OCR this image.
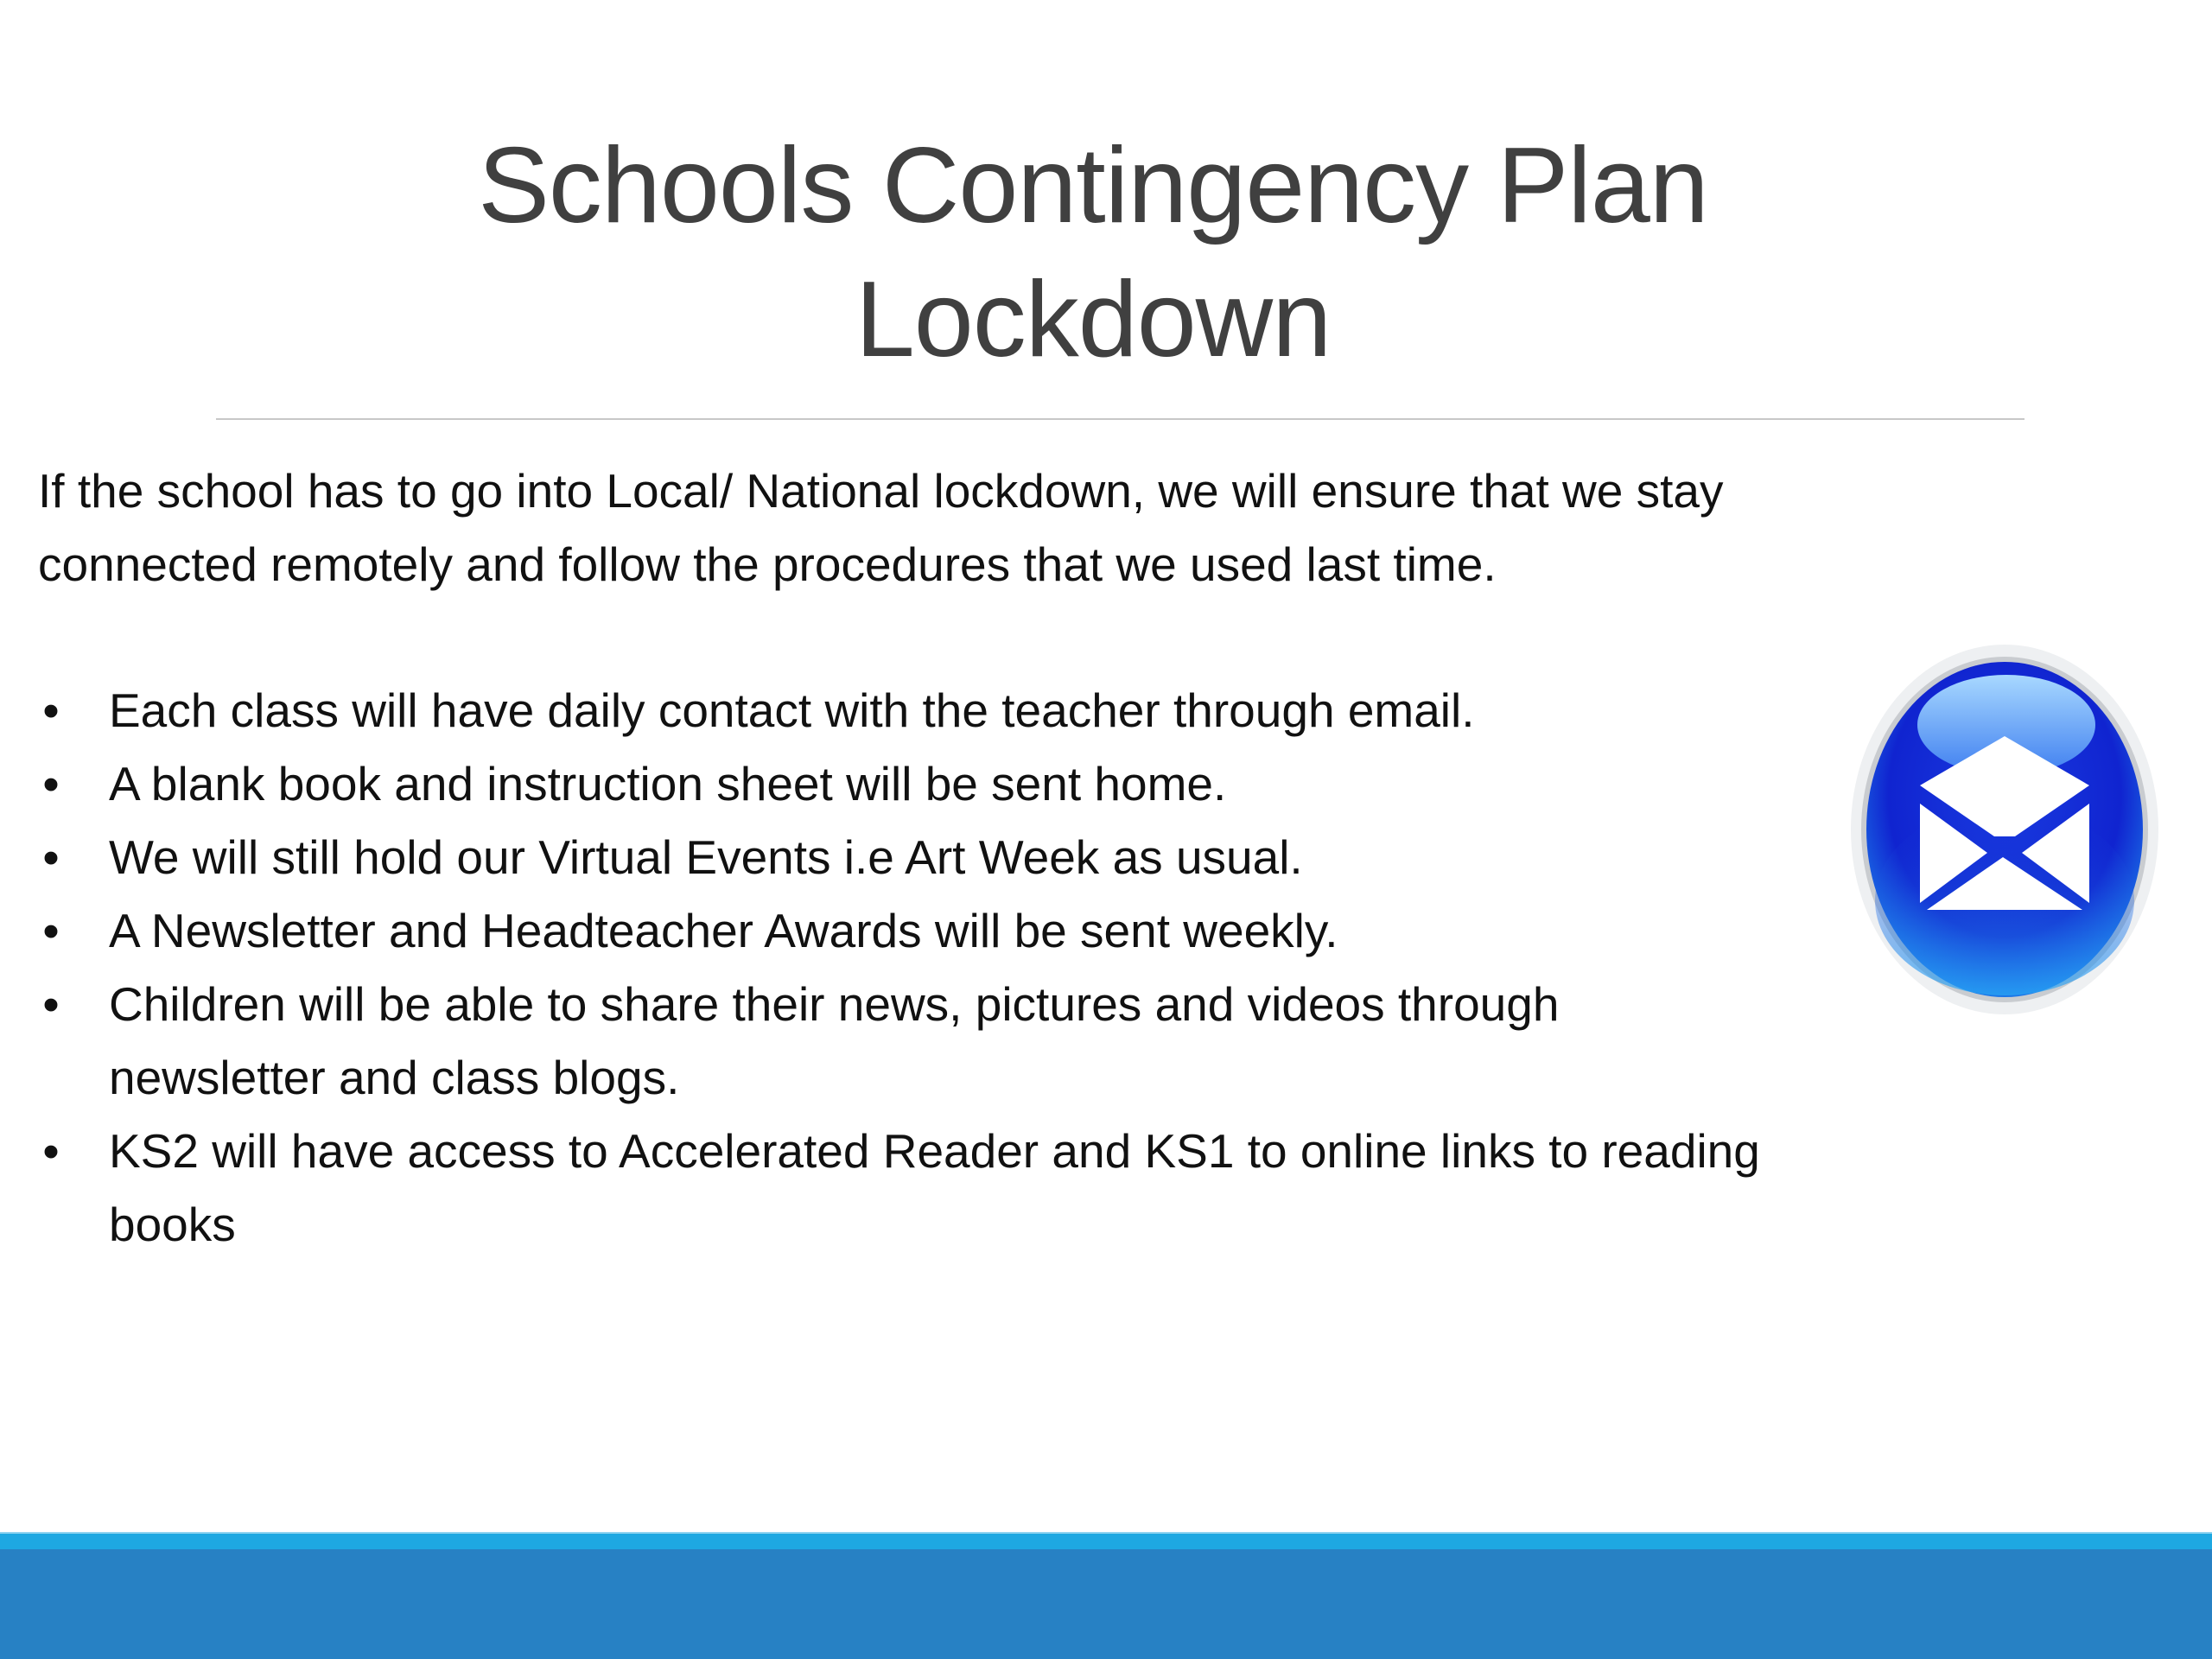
Schools Contingency Plan
Lockdown
If the school has to go into Local/ National lockdown, we will ensure that we stay
connected remotely and follow the procedures that we used last time.
• Each class will have daily contact with the teacher through email.
• A blank book and instruction sheet will be sent home.
• We will still hold our Virtual Events i.e Art Week as usual.
• A Newsletter and Headteacher Awards will be sent weekly.
• Children will be able to share their news, pictures and videos through
newsletter and class blogs.
• KS2 will have access to Accelerated Reader and KS1 to online links to reading
books
